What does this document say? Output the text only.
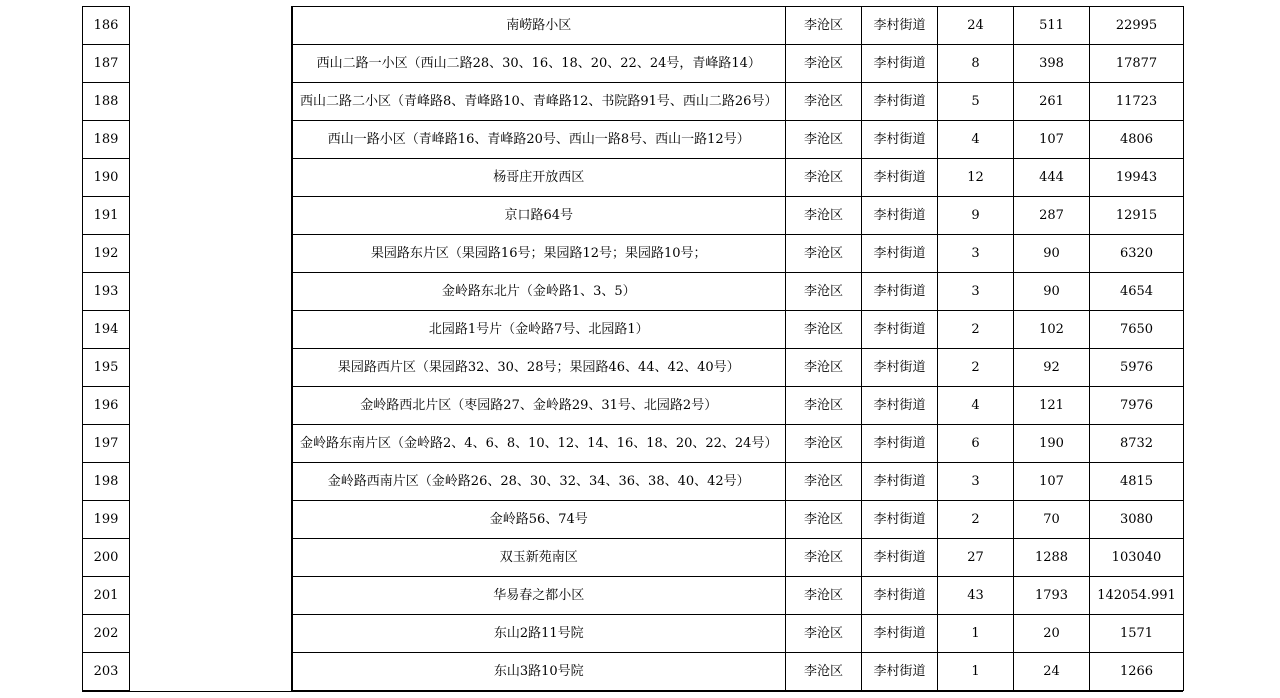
186		南崂路小区	李沧区	李村街道	24	511	22995
187		西山二路一小区（西山二路28、30、16、18、20、22、24号，青峰路14）	李沧区	李村街道	8	398	17877
188		西山二路二小区（青峰路8、青峰路10、青峰路12、书院路91号、西山二路26号）	李沧区	李村街道	5	261	11723
189		西山一路小区（青峰路16、青峰路20号、西山一路8号、西山一路12号）	李沧区	李村街道	4	107	4806
190		杨哥庄开放西区	李沧区	李村街道	12	444	19943
191		京口路64号	李沧区	李村街道	9	287	12915
192		果园路东片区（果园路16号；果园路12号；果园路10号；	李沧区	李村街道	3	90	6320
193		金岭路东北片（金岭路1、3、5）	李沧区	李村街道	3	90	4654
194		北园路1号片（金岭路7号、北园路1）	李沧区	李村街道	2	102	7650
195		果园路西片区（果园路32、30、28号；果园路46、44、42、40号）	李沧区	李村街道	2	92	5976
196		金岭路西北片区（枣园路27、金岭路29、31号、北园路2号）	李沧区	李村街道	4	121	7976
197		金岭路东南片区（金岭路2、4、6、8、10、12、14、16、18、20、22、24号）	李沧区	李村街道	6	190	8732
198		金岭路西南片区（金岭路26、28、30、32、34、36、38、40、42号）	李沧区	李村街道	3	107	4815
199		金岭路56、74号	李沧区	李村街道	2	70	3080
200		双玉新苑南区	李沧区	李村街道	27	1288	103040
201		华易春之都小区	李沧区	李村街道	43	1793	142054.991
202		东山2路11号院	李沧区	李村街道	1	20	1571
203		东山3路10号院	李沧区	李村街道	1	24	1266
